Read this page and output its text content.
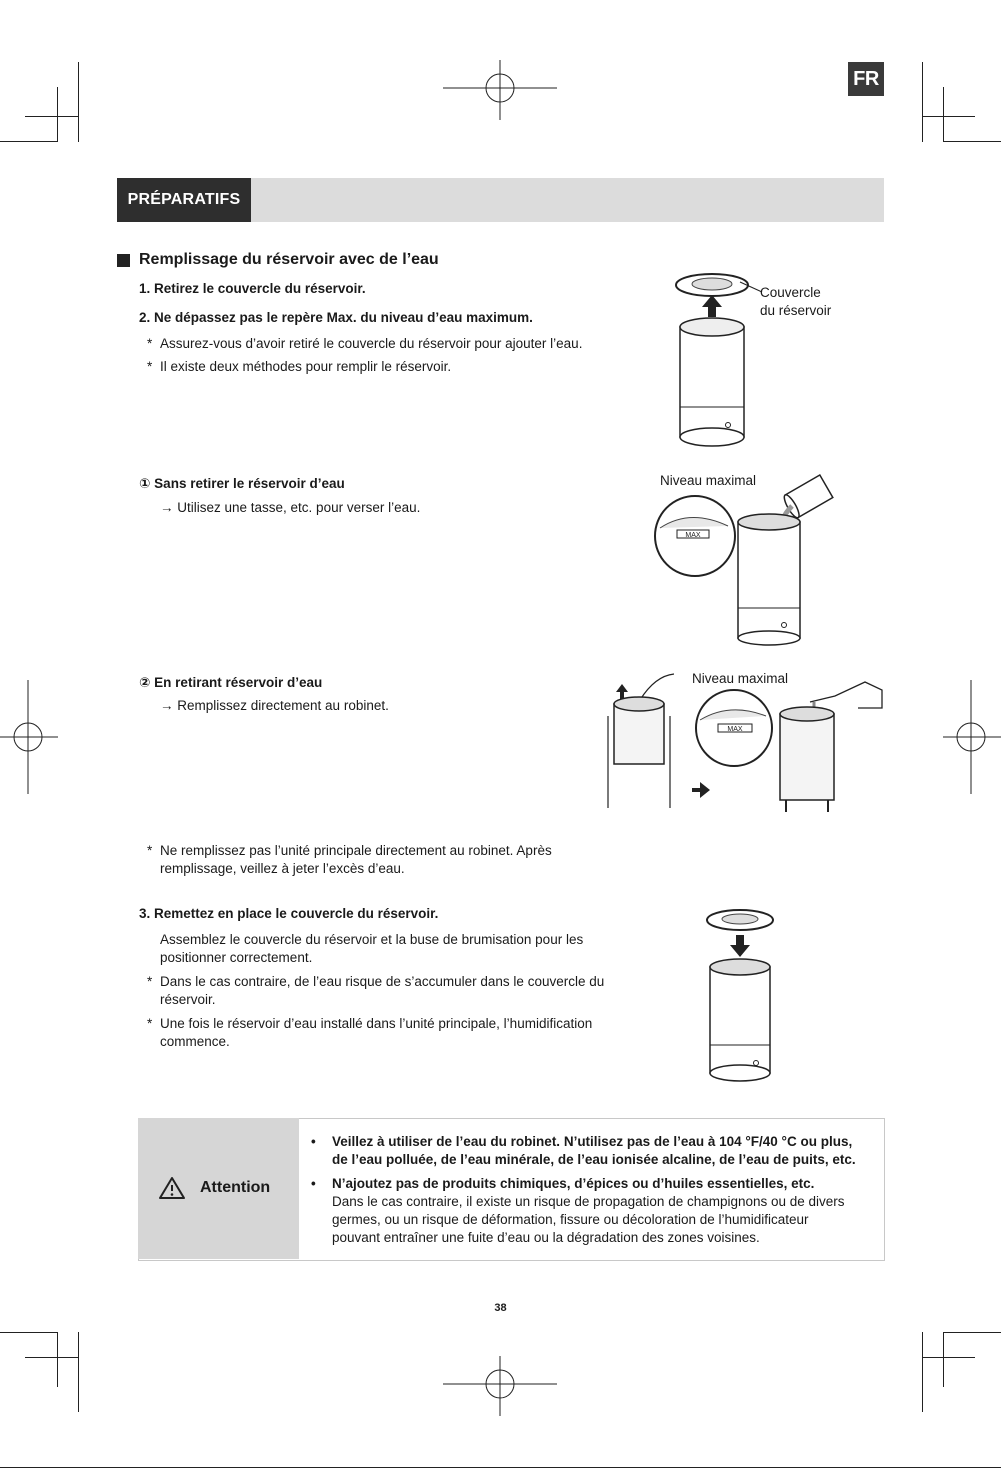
FR
PRÉPARATIFS
Remplissage du réservoir avec de l’eau
1. Retirez le couvercle du réservoir.
2. Ne dépassez pas le repère Max. du niveau d’eau maximum.
* Assurez-vous d’avoir retiré le couvercle du réservoir pour ajouter l’eau.
* Il existe deux méthodes pour remplir le réservoir.
① Sans retirer le réservoir d’eau
→ Utilisez une tasse, etc. pour verser l’eau.
② En retirant réservoir d’eau
→ Remplissez directement au robinet.
* Ne remplissez pas l’unité principale directement au robinet. Après
remplissage, veillez à jeter l’excès d’eau.
3. Remettez en place le couvercle du réservoir.
Assemblez le couvercle du réservoir et la buse de brumisation pour les
positionner correctement.
* Dans le cas contraire, de l’eau risque de s’accumuler dans le couvercle du
réservoir.
* Une fois le réservoir d’eau installé dans l’unité principale, l’humidification
commence.
Couvercle
du réservoir
Niveau maximal
MAX
Niveau maximal
MAX
Attention
• Veillez à utiliser de l’eau du robinet. N’utilisez pas de l’eau à 104 °F/40 °C ou plus,
de l’eau polluée, de l’eau minérale, de l’eau ionisée alcaline, de l’eau de puits, etc.
• N’ajoutez pas de produits chimiques, d’épices ou d’huiles essentielles, etc.
Dans le cas contraire, il existe un risque de propagation de champignons ou de divers
germes, ou un risque de déformation, fissure ou décoloration de l’humidificateur
pouvant entraîner une fuite d’eau ou la dégradation des zones voisines.
38
